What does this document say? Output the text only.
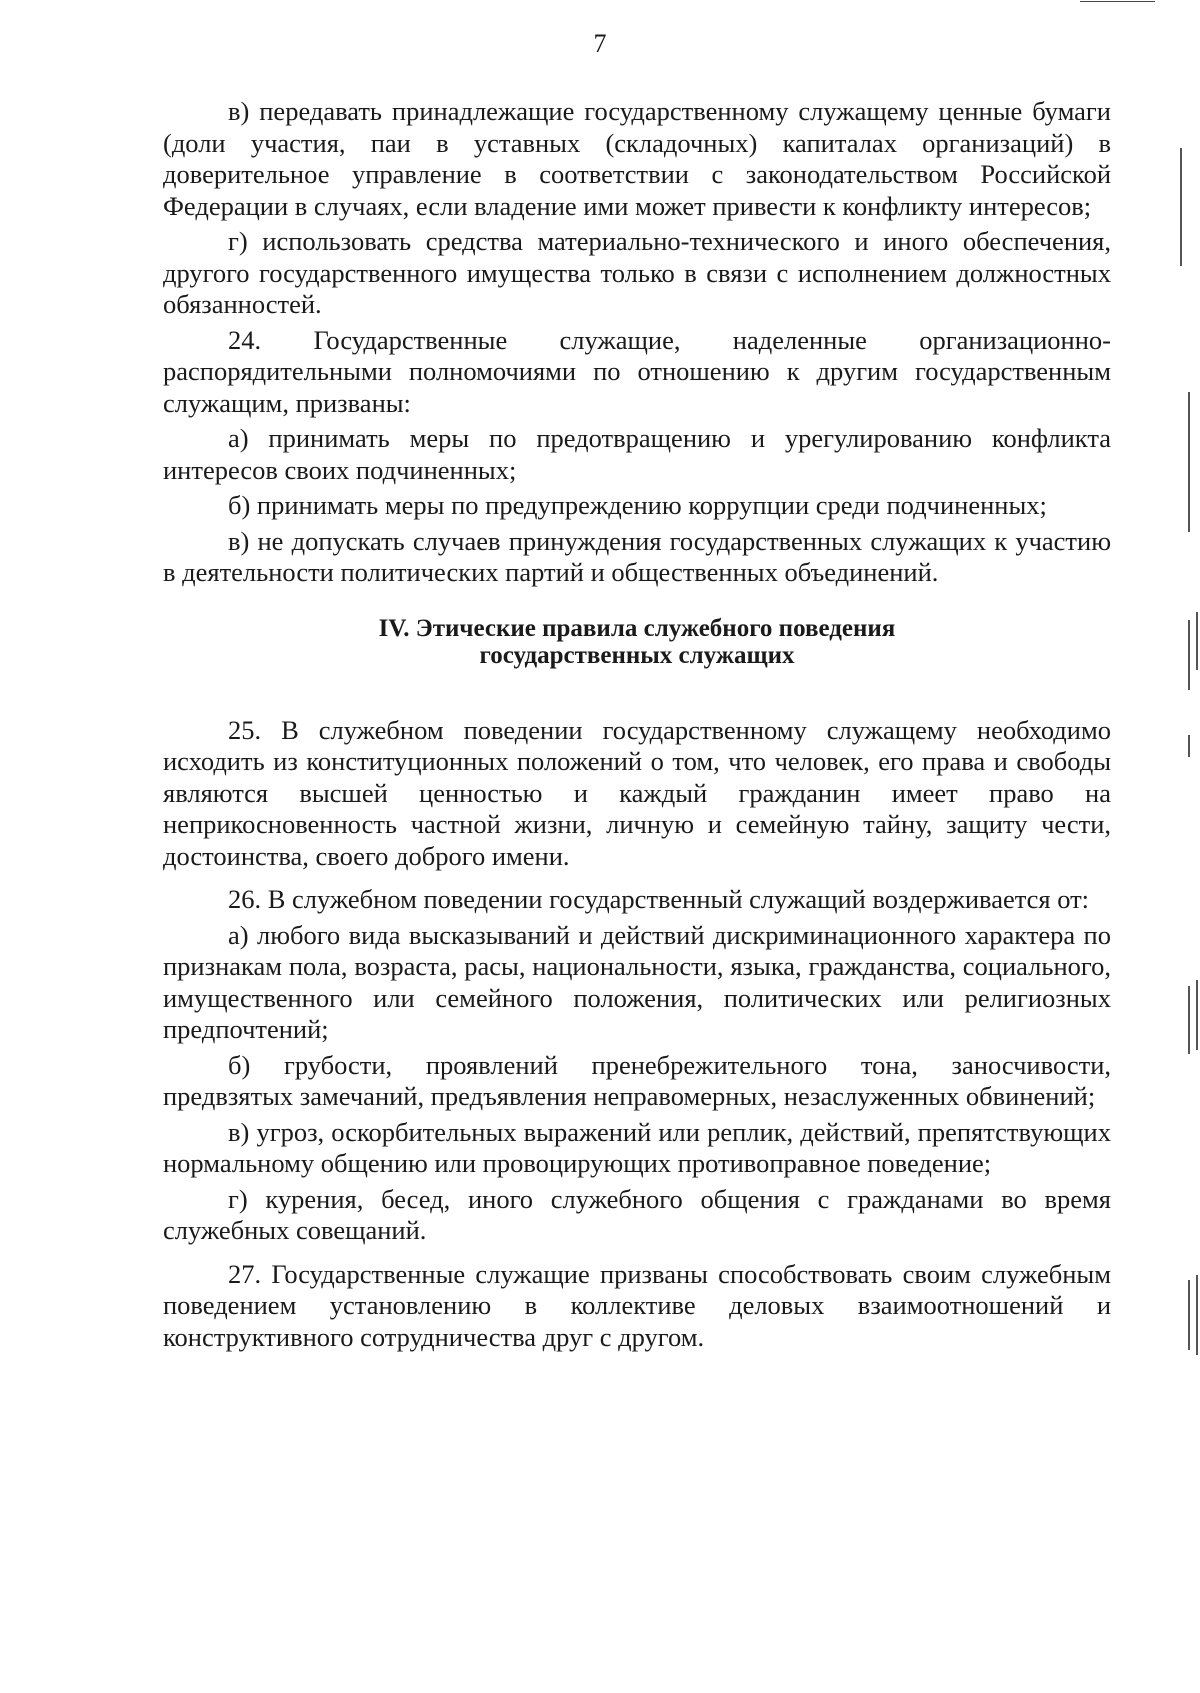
7

в) передавать принадлежащие государственному служащему ценные бумаги (доли участия, паи в уставных (складочных) капиталах организаций) в доверительное управление в соответствии с законодательством Российской Федерации в случаях, если владение ими может привести к конфликту интересов;

г) использовать средства материально-технического и иного обеспечения, другого государственного имущества только в связи с исполнением должностных обязанностей.

24. Государственные служащие, наделенные организационно-распорядительными полномочиями по отношению к другим государственным служащим, призваны:

а) принимать меры по предотвращению и урегулированию конфликта интересов своих подчиненных;

б) принимать меры по предупреждению коррупции среди подчиненных;

в) не допускать случаев принуждения государственных служащих к участию в деятельности политических партий и общественных объединений.

IV. Этические правила служебного поведения
государственных служащих

25. В служебном поведении государственному служащему необходимо исходить из конституционных положений о том, что человек, его права и свободы являются высшей ценностью и каждый гражданин имеет право на неприкосновенность частной жизни, личную и семейную тайну, защиту чести, достоинства, своего доброго имени.

26. В служебном поведении государственный служащий воздерживается от:

а) любого вида высказываний и действий дискриминационного характера по признакам пола, возраста, расы, национальности, языка, гражданства, социального, имущественного или семейного положения, политических или религиозных предпочтений;

б) грубости, проявлений пренебрежительного тона, заносчивости, предвзятых замечаний, предъявления неправомерных, незаслуженных обвинений;

в) угроз, оскорбительных выражений или реплик, действий, препятствующих нормальному общению или провоцирующих противоправное поведение;

г) курения, бесед, иного служебного общения с гражданами во время служебных совещаний.

27. Государственные служащие призваны способствовать своим служебным поведением установлению в коллективе деловых взаимоотношений и конструктивного сотрудничества друг с другом.
